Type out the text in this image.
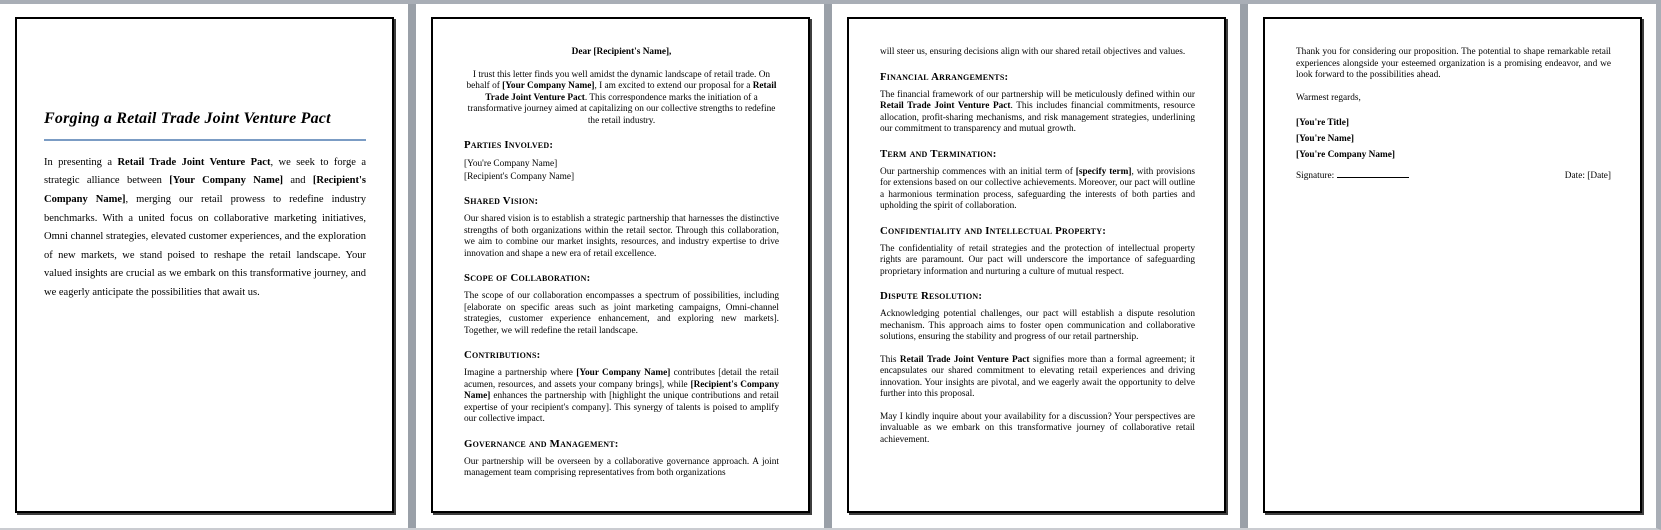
Forging a Retail Trade Joint Venture Pact

In presenting a Retail Trade Joint Venture Pact, we seek to forge a strategic alliance between [Your Company Name] and [Recipient's Company Name], merging our retail prowess to redefine industry benchmarks. With a united focus on collaborative marketing initiatives, Omni channel strategies, elevated customer experiences, and the exploration of new markets, we stand poised to reshape the retail landscape. Your valued insights are crucial as we embark on this transformative journey, and we eagerly anticipate the possibilities that await us.

Dear [Recipient's Name],

I trust this letter finds you well amidst the dynamic landscape of retail trade. On behalf of [Your Company Name], I am excited to extend our proposal for a Retail Trade Joint Venture Pact. This correspondence marks the initiation of a transformative journey aimed at capitalizing on our collective strengths to redefine the retail industry.

Parties Involved:

[You're Company Name]

[Recipient's Company Name]

Shared Vision:

Our shared vision is to establish a strategic partnership that harnesses the distinctive strengths of both organizations within the retail sector. Through this collaboration, we aim to combine our market insights, resources, and industry expertise to drive innovation and shape a new era of retail excellence.

Scope of Collaboration:

The scope of our collaboration encompasses a spectrum of possibilities, including [elaborate on specific areas such as joint marketing campaigns, Omni-channel strategies, customer experience enhancement, and exploring new markets]. Together, we will redefine the retail landscape.

Contributions:

Imagine a partnership where [Your Company Name] contributes [detail the retail acumen, resources, and assets your company brings], while [Recipient's Company Name] enhances the partnership with [highlight the unique contributions and retail expertise of your recipient's company]. This synergy of talents is poised to amplify our collective impact.

Governance and Management:

Our partnership will be overseen by a collaborative governance approach. A joint management team comprising representatives from both organizations

will steer us, ensuring decisions align with our shared retail objectives and values.

Financial Arrangements:

The financial framework of our partnership will be meticulously defined within our Retail Trade Joint Venture Pact. This includes financial commitments, resource allocation, profit-sharing mechanisms, and risk management strategies, underlining our commitment to transparency and mutual growth.

Term and Termination:

Our partnership commences with an initial term of [specify term], with provisions for extensions based on our collective achievements. Moreover, our pact will outline a harmonious termination process, safeguarding the interests of both parties and upholding the spirit of collaboration.

Confidentiality and Intellectual Property:

The confidentiality of retail strategies and the protection of intellectual property rights are paramount. Our pact will underscore the importance of safeguarding proprietary information and nurturing a culture of mutual respect.

Dispute Resolution:

Acknowledging potential challenges, our pact will establish a dispute resolution mechanism. This approach aims to foster open communication and collaborative solutions, ensuring the stability and progress of our retail partnership.

This Retail Trade Joint Venture Pact signifies more than a formal agreement; it encapsulates our shared commitment to elevating retail experiences and driving innovation. Your insights are pivotal, and we eagerly await the opportunity to delve further into this proposal.

May I kindly inquire about your availability for a discussion? Your perspectives are invaluable as we embark on this transformative journey of collaborative retail achievement.

Thank you for considering our proposition. The potential to shape remarkable retail experiences alongside your esteemed organization is a promising endeavor, and we look forward to the possibilities ahead.

Warmest regards,

[You're Title]

[You're Name]

[You're Company Name]

Signature:	Date: [Date]
